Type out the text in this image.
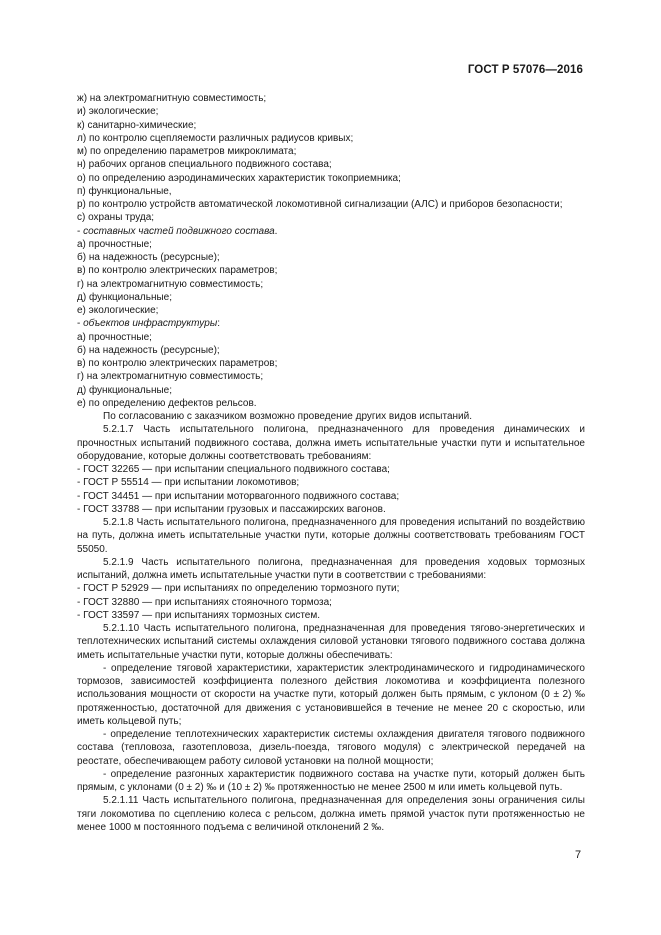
ГОСТ Р 57076—2016

ж) на электромагнитную совместимость;

и) экологические;

к) санитарно-химические;

л) по контролю сцепляемости различных радиусов кривых;

м) по определению параметров микроклимата;

н) рабочих органов специального подвижного состава;

о) по определению аэродинамических характеристик токоприемника;

п) функциональные,

р) по контролю устройств автоматической локомотивной сигнализации (АЛС) и приборов безопасности;

с) охраны труда;

- составных частей подвижного состава.

а) прочностные;

б) на надежность (ресурсные);

в) по контролю электрических параметров;

г) на электромагнитную совместимость;

д) функциональные;

е) экологические;

- объектов инфраструктуры:

а) прочностные;

б) на надежность (ресурсные);

в) по контролю электрических параметров;

г) на электромагнитную совместимость;

д) функциональные;

е) по определению дефектов рельсов.

По согласованию с заказчиком возможно проведение других видов испытаний.

5.2.1.7 Часть испытательного полигона, предназначенного для проведения динамических и прочностных испытаний подвижного состава, должна иметь испытательные участки пути и испытательное оборудование, которые должны соответствовать требованиям:

- ГОСТ 32265 — при испытании специального подвижного состава;

- ГОСТ Р 55514 — при испытании локомотивов;

- ГОСТ 34451 — при испытании моторвагонного подвижного состава;

- ГОСТ 33788 — при испытании грузовых и пассажирских вагонов.

5.2.1.8 Часть испытательного полигона, предназначенного для проведения испытаний по воздействию на путь, должна иметь испытательные участки пути, которые должны соответствовать требованиям ГОСТ 55050.

5.2.1.9 Часть испытательного полигона, предназначенная для проведения ходовых тормозных испытаний, должна иметь испытательные участки пути в соответствии с требованиями:

- ГОСТ Р 52929 — при испытаниях по определению тормозного пути;

- ГОСТ 32880 — при испытаниях стояночного тормоза;

- ГОСТ 33597 — при испытаниях тормозных систем.

5.2.1.10 Часть испытательного полигона, предназначенная для проведения тягово-энергетических и теплотехнических испытаний системы охлаждения силовой установки тягового подвижного состава должна иметь испытательные участки пути, которые должны обеспечивать:

- определение тяговой характеристики, характеристик электродинамического и гидродинамического тормозов, зависимостей коэффициента полезного действия локомотива и коэффициента полезного использования мощности от скорости на участке пути, который должен быть прямым, с уклоном (0 ± 2) ‰ протяженностью, достаточной для движения с установившейся в течение не менее 20 с скоростью, или иметь кольцевой путь;

- определение теплотехнических характеристик системы охлаждения двигателя тягового подвижного состава (тепловоза, газотепловоза, дизель-поезда, тягового модуля) с электрической передачей на реостате, обеспечивающем работу силовой установки на полной мощности;

- определение разгонных характеристик подвижного состава на участке пути, который должен быть прямым, с уклонами (0 ± 2) ‰ и (10 ± 2) ‰ протяженностью не менее 2500 м или иметь кольцевой путь.

5.2.1.11 Часть испытательного полигона, предназначенная для определения зоны ограничения силы тяги локомотива по сцеплению колеса с рельсом, должна иметь прямой участок пути протяженностью не менее 1000 м постоянного подъема с величиной отклонений 2 ‰.

7
